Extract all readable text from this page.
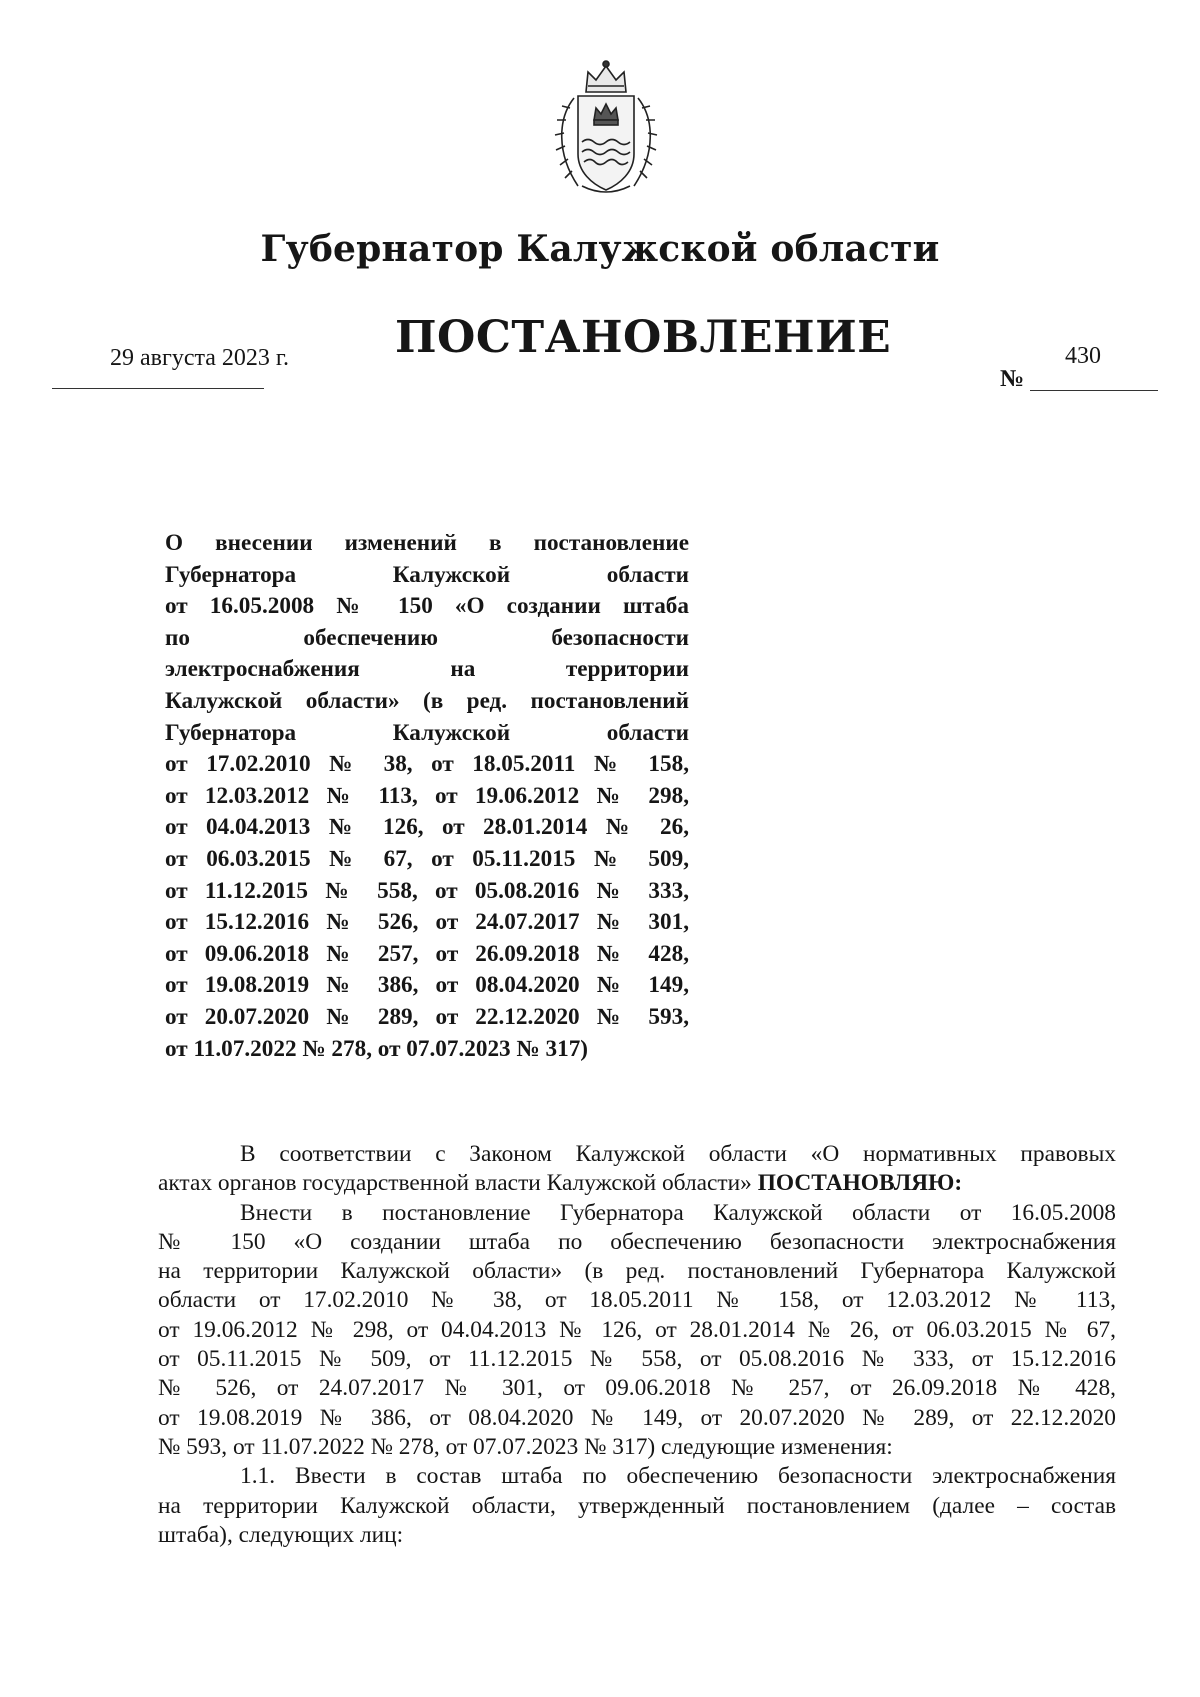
Губернатор Калужской области
29 августа 2023 г. ПОСТАНОВЛЕНИЕ
№
430
О внесении изменений в постановление
Губернатора Калужской области
от 16.05.2008 № 150 «О создании штаба
по обеспечению безопасности
электроснабжения на территории
Калужской области» (в ред. постановлений
Губернатора Калужской области
от 17.02.2010 № 38, от 18.05.2011 № 158,
от 12.03.2012 № 113, от 19.06.2012 № 298,
от 04.04.2013 № 126, от 28.01.2014 № 26,
от 06.03.2015 № 67, от 05.11.2015 № 509,
от 11.12.2015 № 558, от 05.08.2016 № 333,
от 15.12.2016 № 526, от 24.07.2017 № 301,
от 09.06.2018 № 257, от 26.09.2018 № 428,
от 19.08.2019 № 386, от 08.04.2020 № 149,
от 20.07.2020 № 289, от 22.12.2020 № 593,
от 11.07.2022 № 278, от 07.07.2023 № 317)
В соответствии с Законом Калужской области «О нормативных правовых
актах органов государственной власти Калужской области» ПОСТАНОВЛЯЮ:
Внести в постановление Губернатора Калужской области от 16.05.2008
№ 150 «О создании штаба по обеспечению безопасности электроснабжения
на территории Калужской области» (в ред. постановлений Губернатора Калужской
области от 17.02.2010 № 38, от 18.05.2011 № 158, от 12.03.2012 № 113,
от 19.06.2012 № 298, от 04.04.2013 № 126, от 28.01.2014 № 26, от 06.03.2015 № 67,
от 05.11.2015 № 509, от 11.12.2015 № 558, от 05.08.2016 № 333, от 15.12.2016
№ 526, от 24.07.2017 № 301, от 09.06.2018 № 257, от 26.09.2018 № 428,
от 19.08.2019 № 386, от 08.04.2020 № 149, от 20.07.2020 № 289, от 22.12.2020
№ 593, от 11.07.2022 № 278, от 07.07.2023 № 317) следующие изменения:
1.1. Ввести в состав штаба по обеспечению безопасности электроснабжения
на территории Калужской области, утвержденный постановлением (далее – состав
штаба), следующих лиц:
